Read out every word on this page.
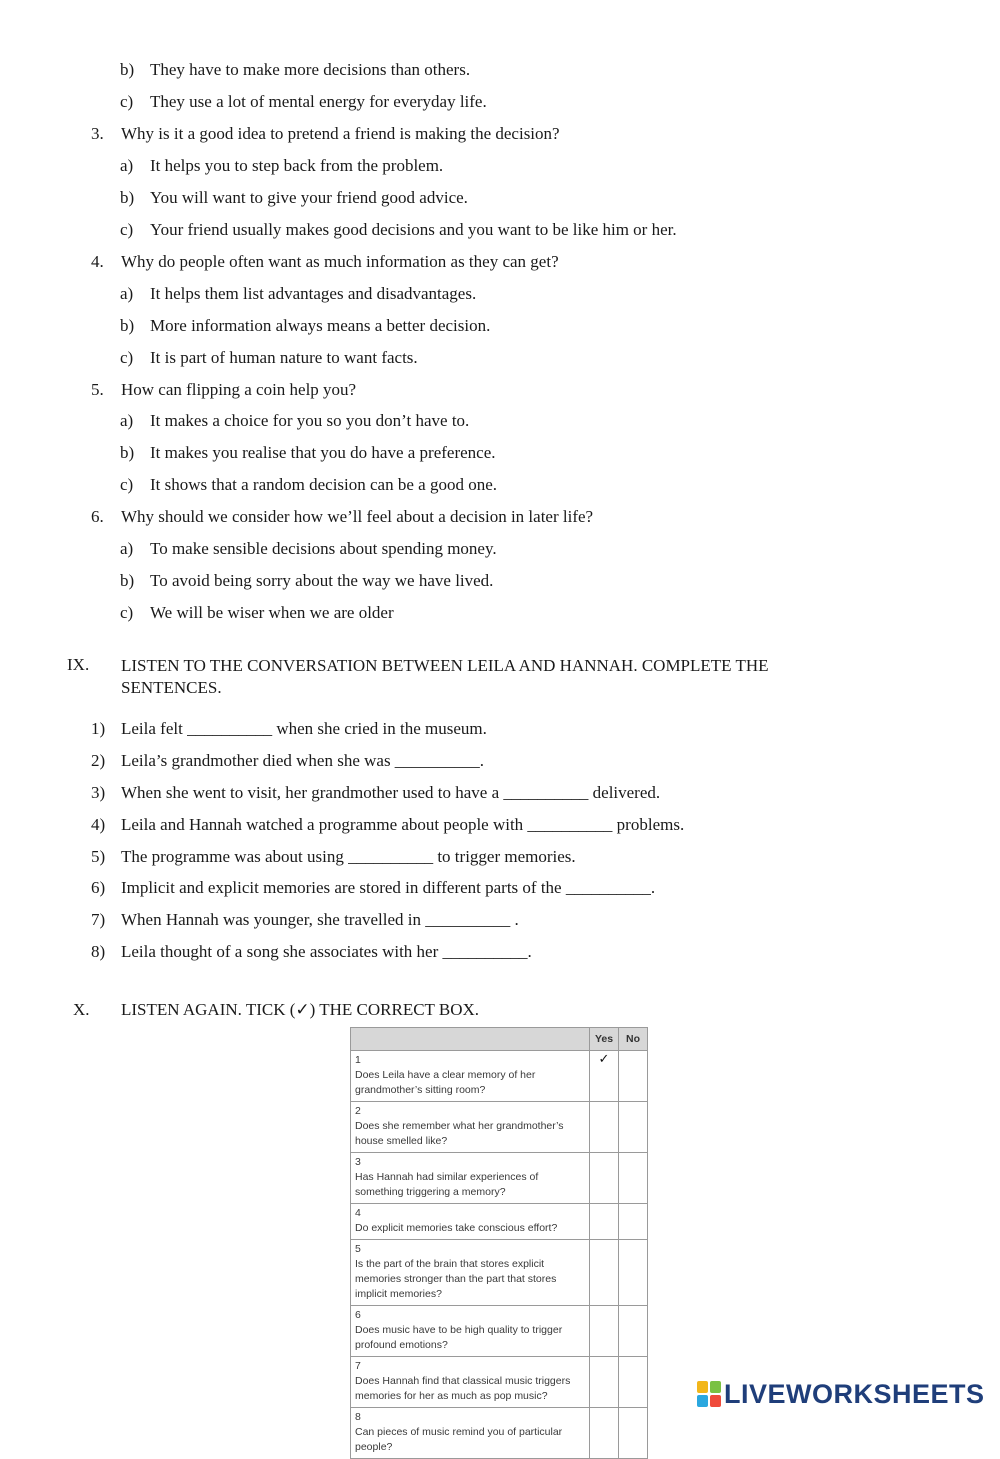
b) They have to make more decisions than others.
c) They use a lot of mental energy for everyday life.
3. Why is it a good idea to pretend a friend is making the decision?
a) It helps you to step back from the problem.
b) You will want to give your friend good advice.
c) Your friend usually makes good decisions and you want to be like him or her.
4. Why do people often want as much information as they can get?
a) It helps them list advantages and disadvantages.
b) More information always means a better decision.
c) It is part of human nature to want facts.
5. How can flipping a coin help you?
a) It makes a choice for you so you don’t have to.
b) It makes you realise that you do have a preference.
c) It shows that a random decision can be a good one.
6. Why should we consider how we’ll feel about a decision in later life?
a) To make sensible decisions about spending money.
b) To avoid being sorry about the way we have lived.
c) We will be wiser when we are older
IX. LISTEN TO THE CONVERSATION BETWEEN LEILA AND HANNAH. COMPLETE THE SENTENCES.
1) Leila felt __________ when she cried in the museum.
2) Leila’s grandmother died when she was __________.
3) When she went to visit, her grandmother used to have a __________ delivered.
4) Leila and Hannah watched a programme about people with __________ problems.
5) The programme was about using __________ to trigger memories.
6) Implicit and explicit memories are stored in different parts of the __________.
7) When Hannah was younger, she travelled in __________ .
8) Leila thought of a song she associates with her __________.
X. LISTEN AGAIN. TICK (✓) THE CORRECT BOX.
	Yes	No
1Does Leila have a clear memory of her grandmother’s sitting room?	✓	
2Does she remember what her grandmother’s house smelled like?		
3Has Hannah had similar experiences of something triggering a memory?		
4Do explicit memories take conscious effort?		
5Is the part of the brain that stores explicit memories stronger than the part that stores implicit memories?		
6Does music have to be high quality to trigger profound emotions?		
7Does Hannah find that classical music triggers memories for her as much as pop music?		
8Can pieces of music remind you of particular people?		
LIVEWORKSHEETS
